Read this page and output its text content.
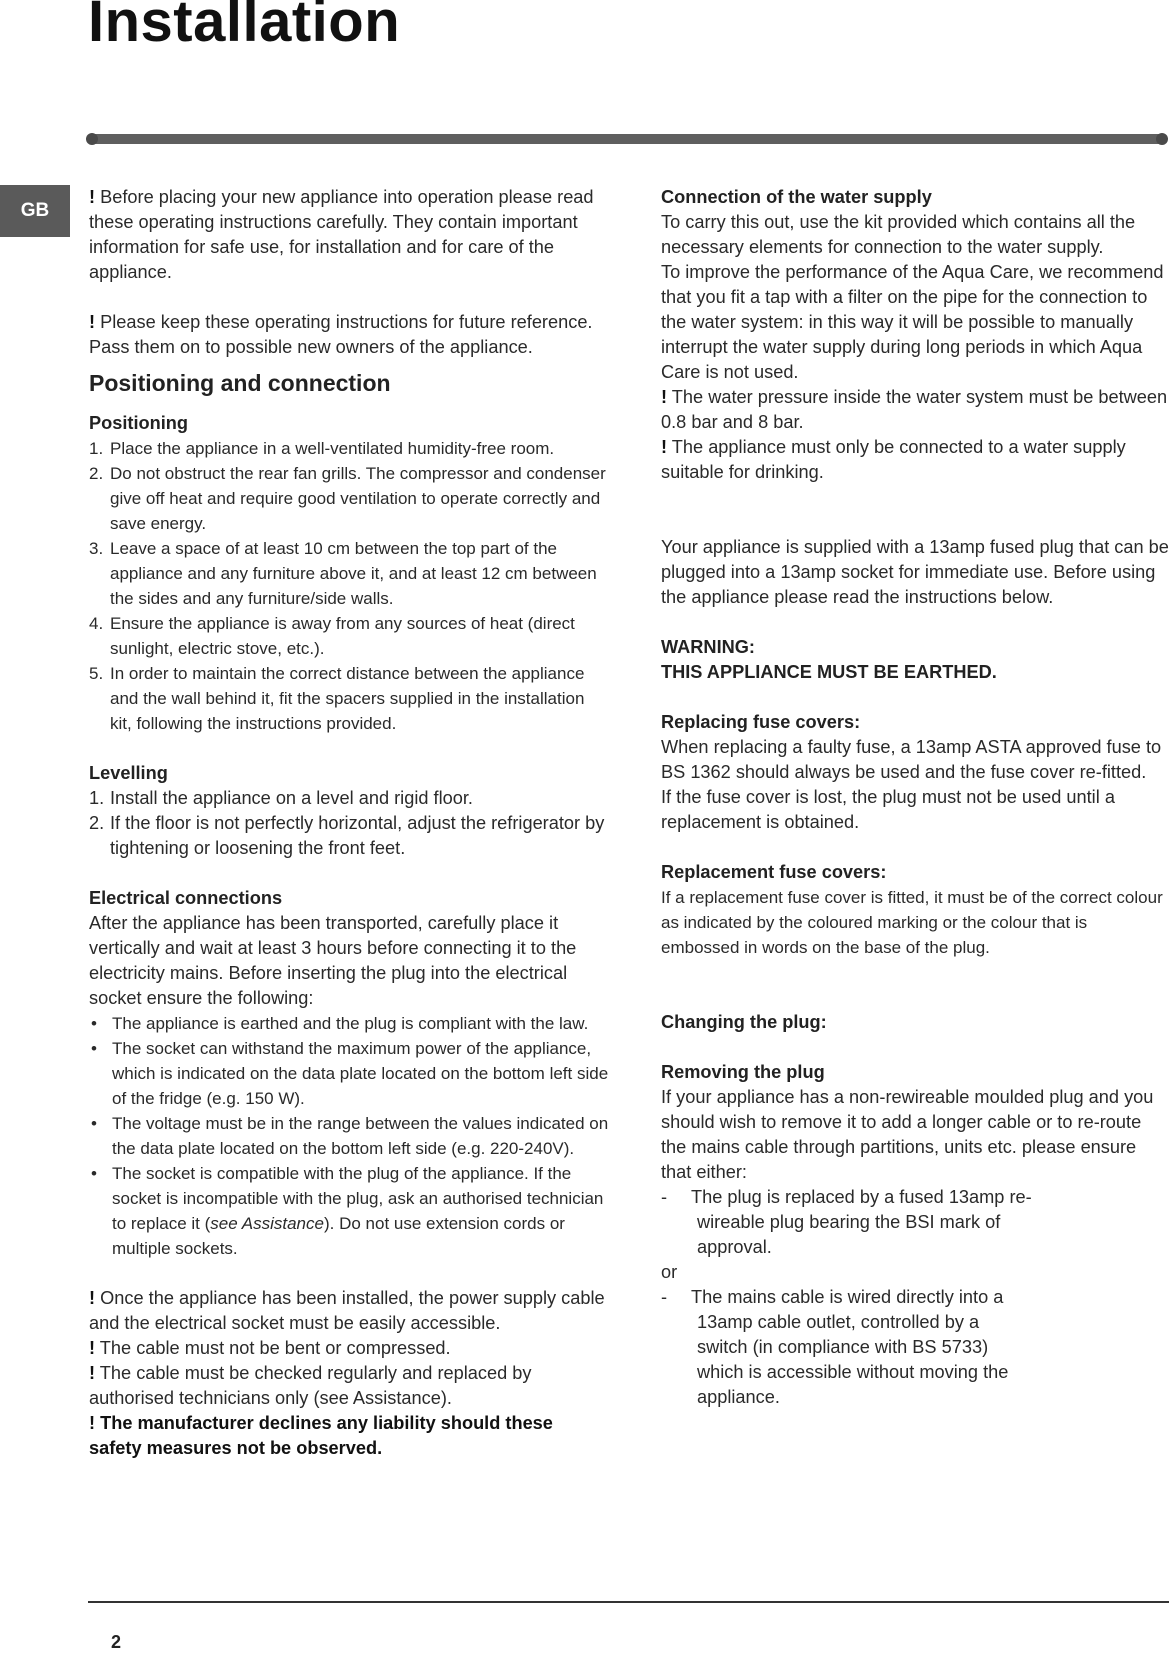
Installation
GB

! Before placing your new appliance into operation please read these operating instructions carefully. They contain important information for safe use, for installation and for care of the appliance.

! Please keep these operating instructions for future reference. Pass them on to possible new owners of the appliance.

Positioning and connection
Positioning
1. Place the appliance in a well-ventilated humidity-free room.
2. Do not obstruct the rear fan grills. The compressor and condenser give off heat and require good ventilation to operate correctly and save energy.
3. Leave a space of at least 10 cm between the top part of the appliance and any furniture above it, and at least 12 cm between the sides and any furniture/side walls.
4. Ensure the appliance is away from any sources of heat (direct sunlight, electric stove, etc.).
5. In order to maintain the correct distance between the appliance and the wall behind it, fit the spacers supplied in the installation kit, following the instructions provided.
Levelling
1. Install the appliance on a level and rigid floor.
2. If the floor is not perfectly horizontal, adjust the refrigerator by tightening or loosening the front feet.
Electrical connections

After the appliance has been transported, carefully place it vertically and wait at least 3 hours before connecting it to the electricity mains. Before inserting the plug into the electrical socket ensure the following:

• The appliance is earthed and the plug is compliant with the law.
• The socket can withstand the maximum power of the appliance, which is indicated on the data plate located on the bottom left side of the fridge (e.g. 150 W).
• The voltage must be in the range between the values indicated on the data plate located on the bottom left side (e.g. 220-240V).
• The socket is compatible with the plug of the appliance. If the socket is incompatible with the plug, ask an authorised technician to replace it (see Assistance). Do not use extension cords or multiple sockets.

! Once the appliance has been installed, the power supply cable and the electrical socket must be easily accessible.

! The cable must not be bent or compressed.

! The cable must be checked regularly and replaced by authorised technicians only (see Assistance).

! The manufacturer declines any liability should these safety measures not be observed.

Connection of the water supply

To carry this out, use the kit provided which contains all the necessary elements for connection to the water supply.

To improve the performance of the Aqua Care, we recommend that you fit a tap with a filter on the pipe for the connection to the water system: in this way it will be possible to manually interrupt the water supply during long periods in which Aqua Care is not used.

! The water pressure inside the water system must be between 0.8 bar and 8 bar.

! The appliance must only be connected to a water supply suitable for drinking.

Your appliance is supplied with a 13amp fused plug that can be plugged into a 13amp socket for immediate use. Before using the appliance please read the instructions below.

WARNING:

THIS APPLIANCE MUST BE EARTHED.

Replacing fuse covers:

When replacing a faulty fuse, a 13amp ASTA approved fuse to BS 1362 should always be used and the fuse cover re-fitted.

If the fuse cover is lost, the plug must not be used until a replacement is obtained.

Replacement fuse covers:

If a replacement fuse cover is fitted, it must be of the correct colour as indicated by the coloured marking or the colour that is embossed in words on the base of the plug.

Changing the plug:
Removing the plug

If your appliance has a non-rewireable moulded plug and you should wish to remove it to add a longer cable or to re-route the mains cable through partitions, units etc. please ensure that either:

- The plug is replaced by a fused 13amp re-
wireable plug bearing the BSI mark of
approval.

or

- The mains cable is wired directly into a
13amp cable outlet, controlled by a
switch (in compliance with BS 5733)
which is accessible without moving the
appliance.
2
